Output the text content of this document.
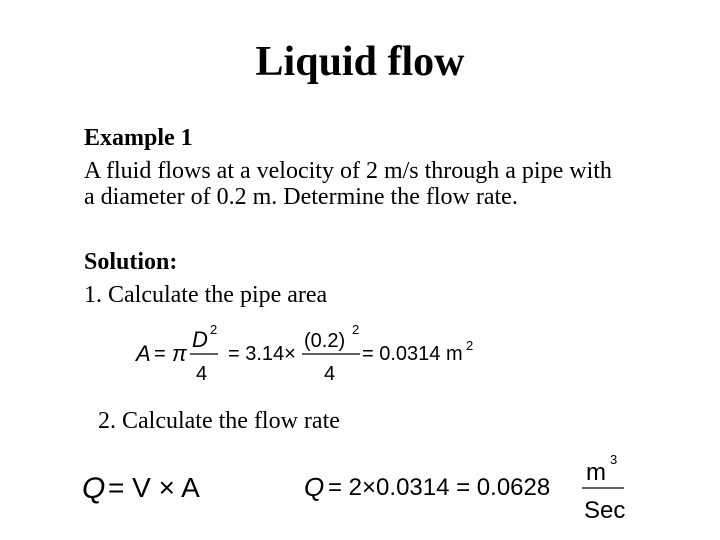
Liquid flow
Example 1
A fluid flows at a velocity of 2 m/s through a pipe with
a diameter of 0.2 m. Determine the flow rate.
Solution:
1. Calculate the pipe area
A = π
D 2
4
= 3.14×
(0.2)
2
4
= 0.0314 m 2
2. Calculate the flow rate
Q = V × A	Q = 2×0.0314 = 0.0628
m 3
Sec
